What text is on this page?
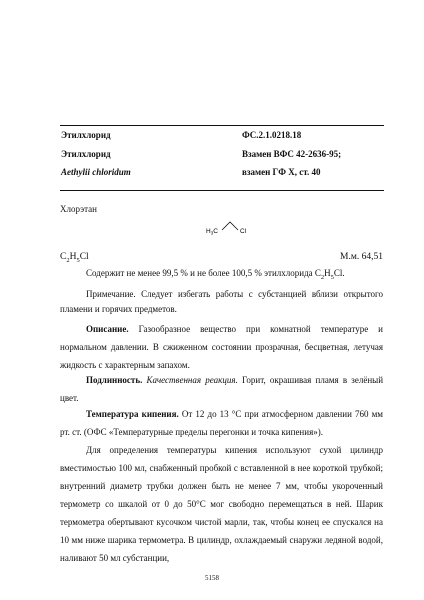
Этилхлорид	ФС.2.1.0218.18
Этилхлорид	Взамен ВФС 42-2636-95;
Aethylii chloridum	взамен ГФ X, ст. 40
Хлорэтан
$H_3C$	Cl
$C_2H_5Cl$	М.м. 64,51
Содержит не менее 99,5 % и не более 100,5 % этилхлорида $C_2H_5Cl$.
Примечание. Следует избегать работы с субстанцией вблизи открытого пламени и горячих предметов.
Описание. Газообразное вещество при комнатной температуре и нормальном давлении. В сжиженном состоянии прозрачная, бесцветная, летучая жидкость с характерным запахом.
Подлинность. Качественная реакция. Горит, окрашивая пламя в зелёный цвет.
Температура кипения. От 12 до 13 °C при атмосферном давлении 760 мм рт. ст. (ОФС «Температурные пределы перегонки и точка кипения»).
Для определения температуры кипения используют сухой цилиндр вместимостью 100 мл, снабженный пробкой с вставленной в нее короткой трубкой; внутренний диаметр трубки должен быть не менее 7 мм, чтобы укороченный термометр со шкалой от 0 до 50°С мог свободно перемещаться в ней. Шарик термометра обертывают кусочком чистой марли, так, чтобы конец ее спускался на 10 мм ниже шарика термометра. В цилиндр, охлаждаемый снаружи ледяной водой, наливают 50 мл субстанции,
5158
